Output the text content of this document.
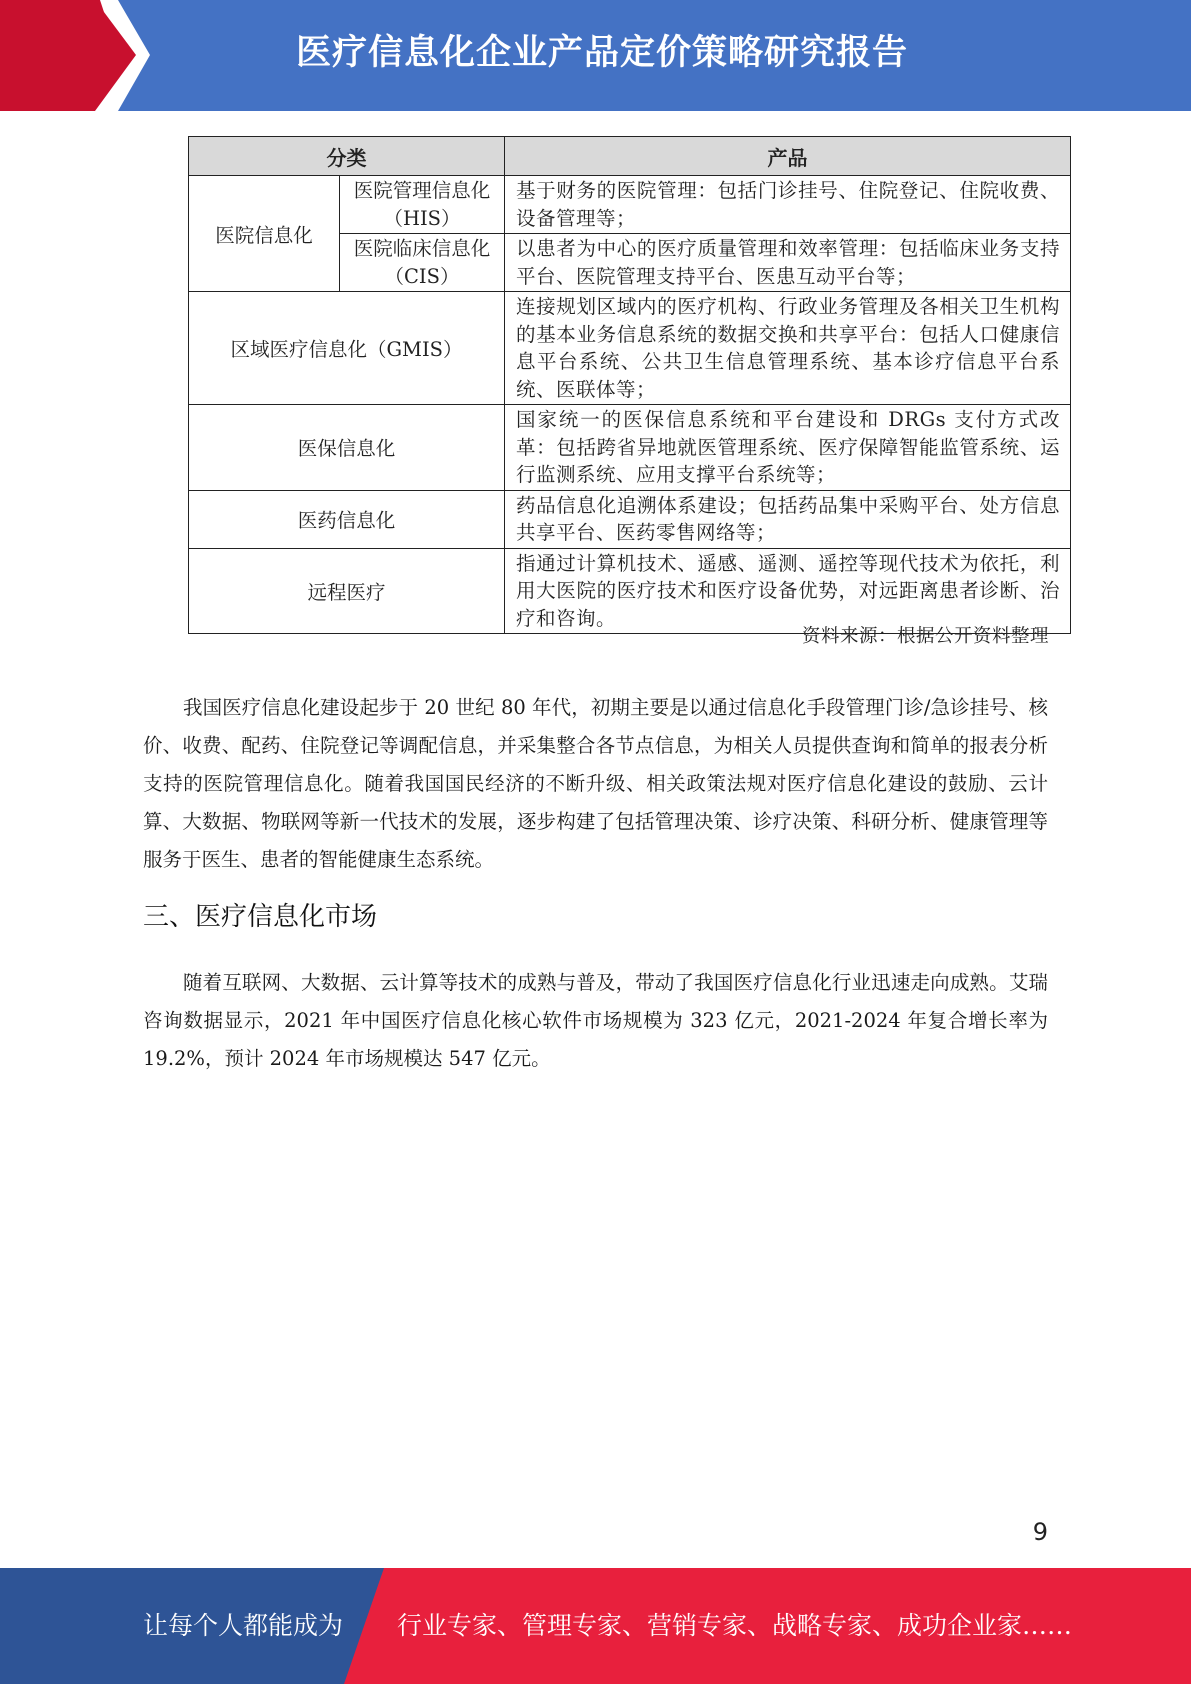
医疗信息化企业产品定价策略研究报告
分类		产品
医院信息化	医院管理信息化（HIS）	基于财务的医院管理：包括门诊挂号、住院登记、住院收费、设备管理等；
	医院临床信息化（CIS）	以患者为中心的医疗质量管理和效率管理：包括临床业务支持平台、医院管理支持平台、医患互动平台等；
区域医疗信息化（GMIS）		连接规划区域内的医疗机构、行政业务管理及各相关卫生机构的基本业务信息系统的数据交换和共享平台：包括人口健康信息平台系统、公共卫生信息管理系统、基本诊疗信息平台系统、医联体等；
医保信息化		国家统一的医保信息系统和平台建设和 DRGs 支付方式改革：包括跨省异地就医管理系统、医疗保障智能监管系统、运行监测系统、应用支撑平台系统等；
医药信息化		药品信息化追溯体系建设；包括药品集中采购平台、处方信息共享平台、医药零售网络等；
远程医疗		指通过计算机技术、遥感、遥测、遥控等现代技术为依托，利用大医院的医疗技术和医疗设备优势，对远距离患者诊断、治疗和咨询。
资料来源：根据公开资料整理

我国医疗信息化建设起步于 20 世纪 80 年代，初期主要是以通过信息化手段管理门诊/急诊挂号、核价、收费、配药、住院登记等调配信息，并采集整合各节点信息，为相关人员提供查询和简单的报表分析支持的医院管理信息化。随着我国国民经济的不断升级、相关政策法规对医疗信息化建设的鼓励、云计算、大数据、物联网等新一代技术的发展，逐步构建了包括管理决策、诊疗决策、科研分析、健康管理等服务于医生、患者的智能健康生态系统。

三、医疗信息化市场

随着互联网、大数据、云计算等技术的成熟与普及，带动了我国医疗信息化行业迅速走向成熟。艾瑞咨询数据显示，2021 年中国医疗信息化核心软件市场规模为 323 亿元，2021-2024 年复合增长率为 19.2%，预计 2024 年市场规模达 547 亿元。

9
让每个人都能成为 行业专家、管理专家、营销专家、战略专家、成功企业家……
